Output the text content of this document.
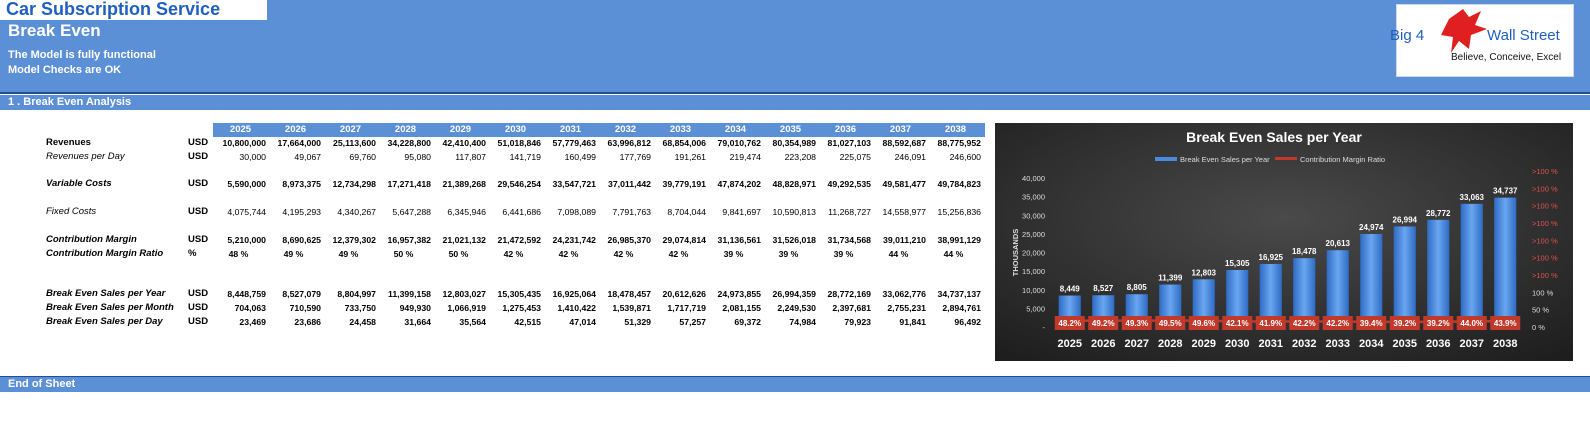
Car Subscription Service
Break Even
The Model is fully functional
Model Checks are OK
Big 4	Wall Street
Believe, Conceive, Excel
1 . Break Even Analysis
2025	2026	2027	2028	2029	2030	2031	2032	2033	2034	2035	2036	2037	2038
Revenues	USD	10,800,000	17,664,000	25,113,600	34,228,800	42,410,400	51,018,846	57,779,463	63,996,812	68,854,006	79,010,762	80,354,989	81,027,103	88,592,687	88,775,952
Revenues per Day	USD	30,000	49,067	69,760	95,080	117,807	141,719	160,499	177,769	191,261	219,474	223,208	225,075	246,091	246,600
Variable Costs	USD	5,590,000	8,973,375	12,734,298	17,271,418	21,389,268	29,546,254	33,547,721	37,011,442	39,779,191	47,874,202	48,828,971	49,292,535	49,581,477	49,784,823
Fixed Costs	USD	4,075,744	4,195,293	4,340,267	5,647,288	6,345,946	6,441,686	7,098,089	7,791,763	8,704,044	9,841,697	10,590,813	11,268,727	14,558,977	15,256,836
Contribution Margin	USD	5,210,000	8,690,625	12,379,302	16,957,382	21,021,132	21,472,592	24,231,742	26,985,370	29,074,814	31,136,561	31,526,018	31,734,568	39,011,210	38,991,129
Contribution Margin Ratio	%	48 %	49 %	49 %	50 %	50 %	42 %	42 %	42 %	42 %	39 %	39 %	39 %	44 %	44 %
Break Even Sales per Year USD	8,448,759	8,527,079	8,804,997	11,399,158	12,803,027	15,305,435	16,925,064	18,478,457	20,612,626	24,973,855	26,994,359	28,772,169	33,062,776	34,737,137
Break Even Sales per Month USD	704,063	710,590	733,750	949,930	1,066,919	1,275,453	1,410,422	1,539,871	1,717,719	2,081,155	2,249,530	2,397,681	2,755,231	2,894,761
Break Even Sales per Day	USD	23,469	23,686	24,458	31,664	35,564	42,515	47,014	51,329	57,257	69,372	74,984	79,923	91,841	96,492
Break Even Sales per Year
Break Even Sales per Year	Contribution Margin Ratio
THOUSANDS
-
5,000
10,000
15,000
20,000
25,000
30,000
35,000
40,000
0 %
50 %
100 %
>100 %
>100 %
>100 %
>100 %
>100 %
>100 %
>100 %
8,449 8,527 8,805
11,399
12,803
15,305
16,925
18,478
20,613
24,974
26,994
28,772
33,063
34,737
48.2% 49.2% 49.3% 49.5% 49.6% 42.1% 41.9% 42.2% 42.2% 39.4% 39.2% 39.2% 44.0% 43.9%
2025 2026 2027 2028 2029 2030 2031 2032 2033 2034 2035 2036 2037 2038
End of Sheet
